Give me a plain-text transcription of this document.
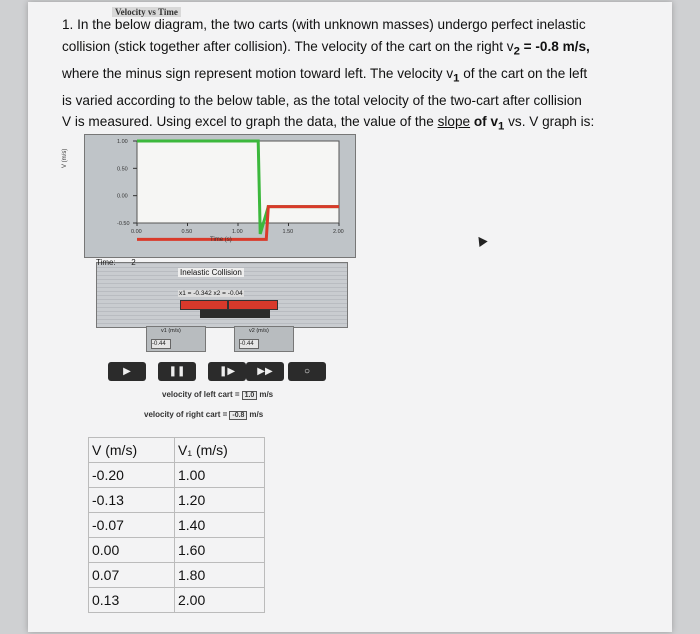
1. In the below diagram, the two carts (with unknown masses) undergo perfect inelastic
collision (stick together after collision). The velocity of the cart on the right $v_2 = -0.8$ m/s,
where the minus sign represent motion toward left. The velocity $v_1$ of the cart on the left
is varied according to the below table, as the total velocity of the two-cart after collision
V is measured. Using excel to graph the data, the value of the slope of $v_1$ vs. V graph is:
1.00
0.50
0.00
-0.50
0.00	0.50	1.00	1.50	2.00
Velocity vs Time
V (m/s)
Time (s)
Time:       2
Inelastic Collision
x1 = -0.342 x2 = -0.04
v1 (m/s)
-0.44
v2 (m/s)
-0.44
▶	❚❚	❚▶	▶▶	○
velocity of left cart = 1.0 m/s
velocity of right cart = -0.8 m/s
V (m/s)	V₁ (m/s)
-0.20	1.00
-0.13	1.20
-0.07	1.40
0.00	1.60
0.07	1.80
0.13	2.00
